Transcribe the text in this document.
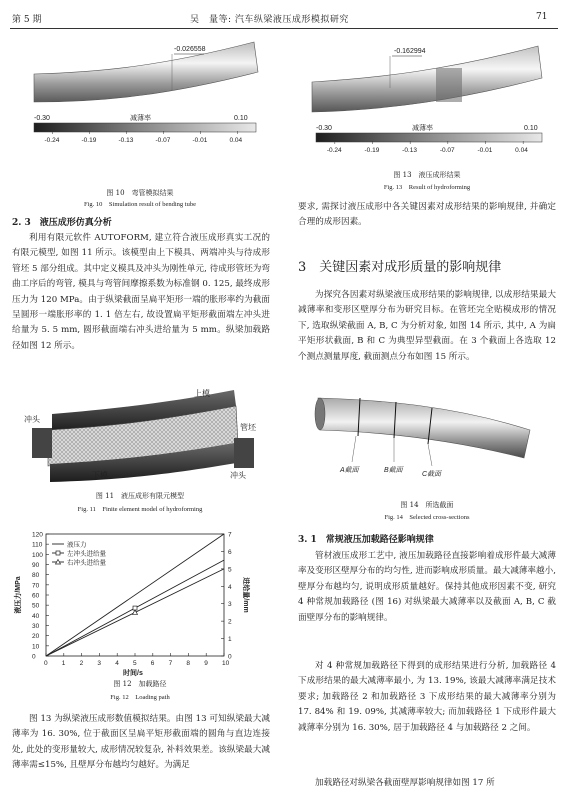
第 5 期	吴　量等: 汽车纵梁液压成形模拟研究	71
-0.026558
-0.30	减薄率	0.10
-0.24	-0.19	-0.13	-0.07	-0.01	0.04
图 10　弯管模拟结果
Fig. 10　Simulation result of bending tube
2. 3　液压成形仿真分析
利用有限元软件 AUTOFORM, 建立符合液压成形真实工况的有限元模型, 如图 11 所示。该模型由上下模具、两端冲头与待成形管坯 5 部分组成。其中定义模具及冲头为刚性单元, 待成形管坯为弯曲工序后的弯管, 模具与弯管间摩擦系数为标准钢 0. 125, 最终成形压力为 120 MPa。由于纵梁截面呈扁平矩形一端的胀形率约为截面呈圆形一端胀形率的 1. 1 倍左右, 故设置扁平矩形截面端左冲头进给量为 5. 5 mm, 圆形截面端右冲头进给量为 5 mm。纵梁加载路径如图 12 所示。
上模
冲头
管坯
下模	冲头
图 11　液压成形有限元模型
Fig. 11　Finite element model of hydroforming
0 1 2 3 4 5 6 7 8 9 10
0
10
20
30
40
50
60
70
80
90
100
110
120
0
1
2
3
4
5
6
7
时间/s
液压力/MPa	进给量/mm
液压力
左冲头进给量
右冲头进给量
图 12　加载路径
Fig. 12　Loading path
图 13 为纵梁液压成形数值模拟结果。由图 13 可知纵梁最大减薄率为 16. 30%, 位于截面区呈扁平矩形截面端的圆角与直边连接处, 此处的变形量较大, 成形情况较复杂, 补料效果差。该纵梁最大减薄率需≤15%, 且壁厚分布越均匀越好。为满足
-0.162994
-0.30	减薄率	0.10
-0.24	-0.19	-0.13	-0.07	-0.01	0.04
图 13　液压成形结果
Fig. 13　Result of hydroforming
要求, 需探讨液压成形中各关键因素对成形结果的影响规律, 并确定合理的成形因素。
3　关键因素对成形质量的影响规律
为探究各因素对纵梁液压成形结果的影响规律, 以成形结果最大减薄率和变形区壁厚分布为研究目标。在管坯完全贴模成形的情况下, 选取纵梁截面 A, B, C 为分析对象, 如图 14 所示, 其中, A 为扁平矩形状截面, B 和 C 为典型异型截面。在 3 个截面上各选取 12 个测点测量厚度, 截面测点分布如图 15 所示。
A截面	B截面
C截面
图 14　所选截面
Fig. 14　Selected cross-sections
3. 1　常规液压加载路径影响规律
管材液压成形工艺中, 液压加载路径直接影响着成形件最大减薄率及变形区壁厚分布的均匀性, 进而影响成形质量。最大减薄率越小, 壁厚分布越均匀, 说明成形质量越好。保持其他成形因素不变, 研究 4 种常规加载路径 (图 16) 对纵梁最大减薄率以及截面 A, B, C 截面壁厚分布的影响规律。
对 4 种常规加载路径下得到的成形结果进行分析, 加载路径 4 下成形结果的最大减薄率最小, 为 13. 19%, 该最大减薄率满足技术要求; 加载路径 2 和加载路径 3 下成形结果的最大减薄率分别为 17. 84% 和 19. 09%, 其减薄率较大; 而加载路径 1 下成形件最大减薄率分别为 16. 30%, 居于加载路径 4 与加载路径 2 之间。
加载路径对纵梁各截面壁厚影响规律如图 17 所
